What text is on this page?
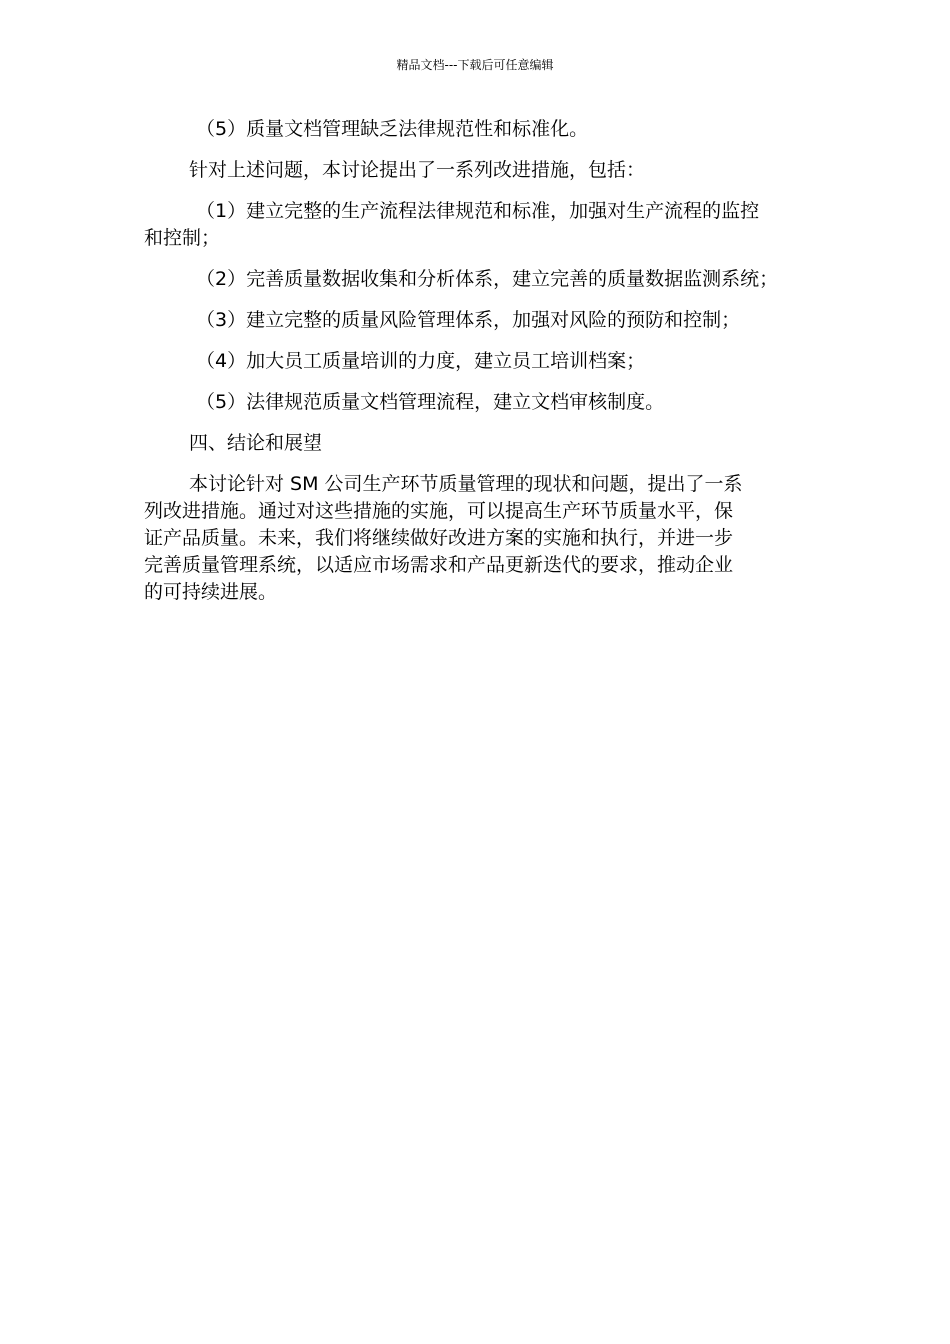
精品文档---下载后可任意编辑
（5）质量文档管理缺乏法律规范性和标准化。
针对上述问题，本讨论提出了一系列改进措施，包括：
（1）建立完整的生产流程法律规范和标准，加强对生产流程的监控
和控制；
（2）完善质量数据收集和分析体系，建立完善的质量数据监测系统；
（3）建立完整的质量风险管理体系，加强对风险的预防和控制；
（4）加大员工质量培训的力度，建立员工培训档案；
（5）法律规范质量文档管理流程，建立文档审核制度。
四、结论和展望
本讨论针对 SM 公司生产环节质量管理的现状和问题，提出了一系
列改进措施。通过对这些措施的实施，可以提高生产环节质量水平，保
证产品质量。未来，我们将继续做好改进方案的实施和执行，并进一步
完善质量管理系统，以适应市场需求和产品更新迭代的要求，推动企业
的可持续进展。
